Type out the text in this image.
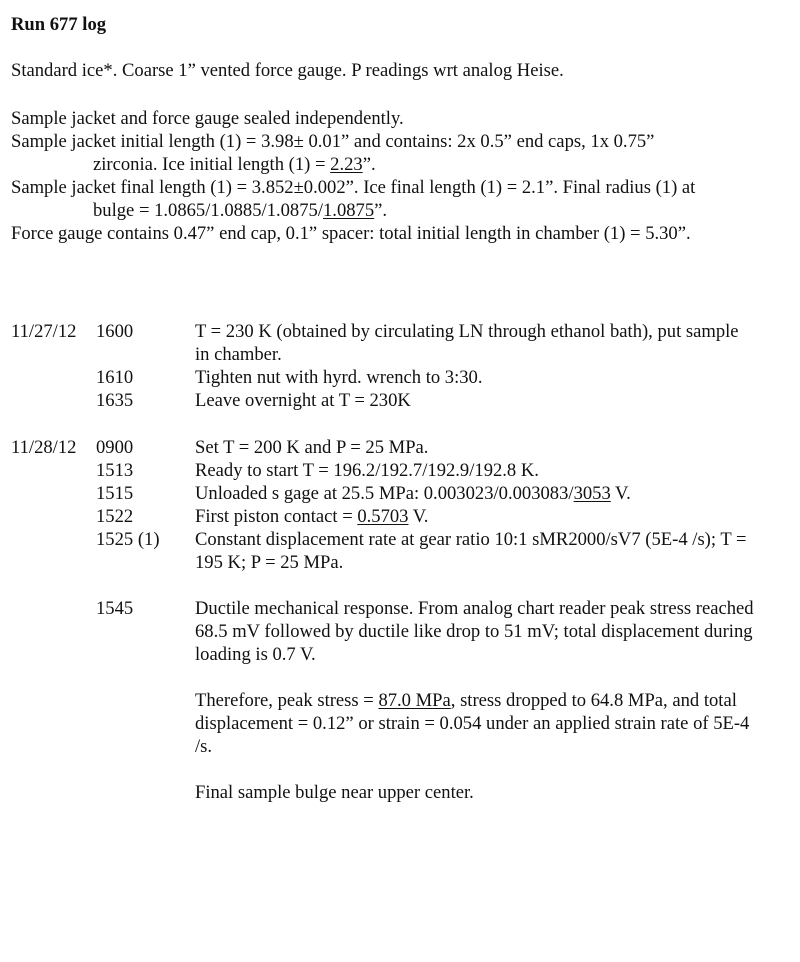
Run 677 log
Standard ice*. Coarse 1” vented force gauge. P readings wrt analog Heise.
Sample jacket and force gauge sealed independently.
Sample jacket initial length (1) = 3.98± 0.01” and contains: 2x 0.5” end caps, 1x 0.75”
zirconia. Ice initial length (1) = 2.23”.
Sample jacket final length (1) = 3.852±0.002”. Ice final length (1) = 2.1”. Final radius (1) at
bulge = 1.0865/1.0885/1.0875/1.0875”.
Force gauge contains 0.47” end cap, 0.1” spacer: total initial length in chamber (1) = 5.30”.
11/27/12 1600	T = 230 K (obtained by circulating LN through ethanol bath), put sample in chamber.
1610	Tighten nut with hyrd. wrench to 3:30.
1635	Leave overnight at T = 230K
11/28/12 0900	Set T = 200 K and P = 25 MPa.
1513	Ready to start T = 196.2/192.7/192.9/192.8 K.
1515	Unloaded s gage at 25.5 MPa: 0.003023/0.003083/3053 V.
1522	First piston contact = 0.5703 V.
1525 (1) Constant displacement rate at gear ratio 10:1 sMR2000/sV7 (5E-4 /s); T = 195 K; P = 25 MPa.
1545	Ductile mechanical response. From analog chart reader peak stress reached 68.5 mV followed by ductile like drop to 51 mV; total displacement during loading is 0.7 V.
Therefore, peak stress = 87.0 MPa, stress dropped to 64.8 MPa, and total displacement = 0.12” or strain = 0.054 under an applied strain rate of 5E-4 /s.
Final sample bulge near upper center.
